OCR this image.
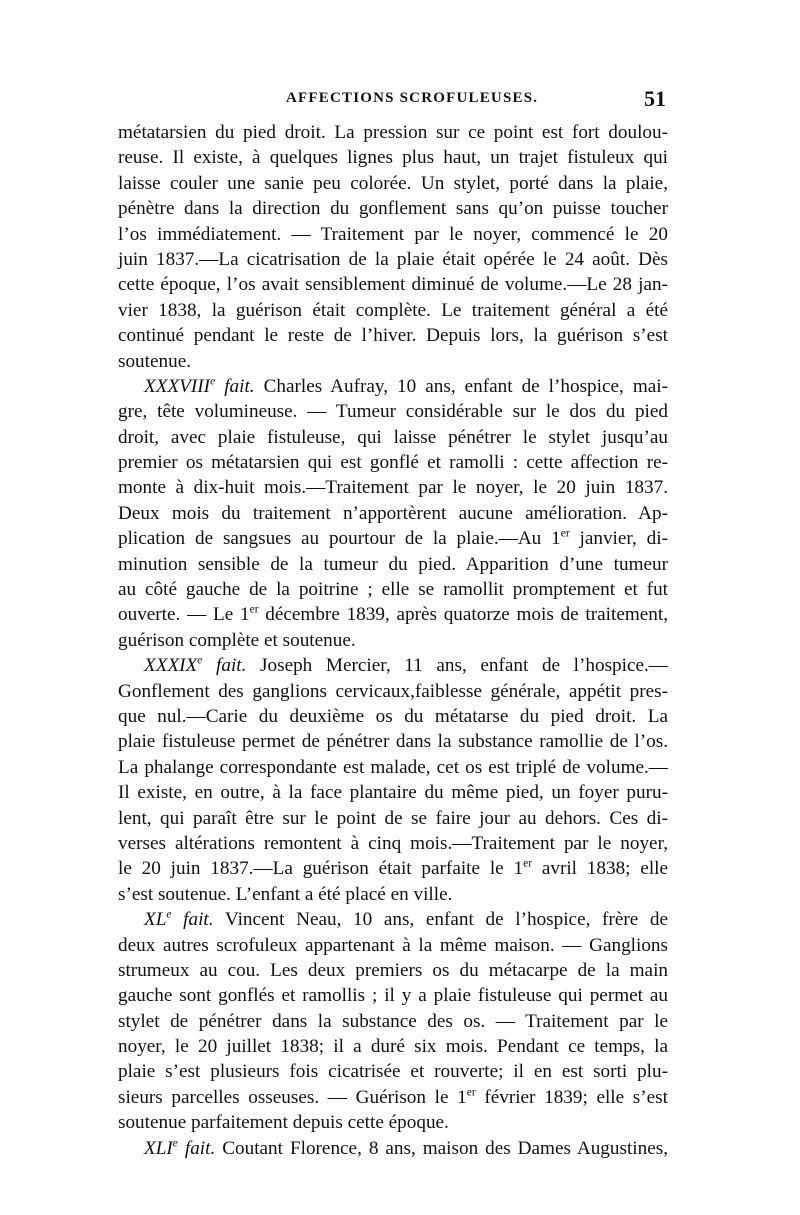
AFFECTIONS SCROFULEUSES.	51
métatarsien du pied droit. La pression sur ce point est fort doulou-
reuse. Il existe, à quelques lignes plus haut, un trajet fistuleux qui
laisse couler une sanie peu colorée. Un stylet, porté dans la plaie,
pénètre dans la direction du gonflement sans qu’on puisse toucher
l’os immédiatement. — Traitement par le noyer, commencé le 20
juin 1837.—La cicatrisation de la plaie était opérée le 24 août. Dès
cette époque, l’os avait sensiblement diminué de volume.—Le 28 jan-
vier 1838, la guérison était complète. Le traitement général a été
continué pendant le reste de l’hiver. Depuis lors, la guérison s’est
soutenue.
XXXVIIIe fait. Charles Aufray, 10 ans, enfant de l’hospice, mai-
gre, tête volumineuse. — Tumeur considérable sur le dos du pied
droit, avec plaie fistuleuse, qui laisse pénétrer le stylet jusqu’au
premier os métatarsien qui est gonflé et ramolli : cette affection re-
monte à dix-huit mois.—Traitement par le noyer, le 20 juin 1837.
Deux mois du traitement n’apportèrent aucune amélioration. Ap-
plication de sangsues au pourtour de la plaie.—Au 1er janvier, di-
minution sensible de la tumeur du pied. Apparition d’une tumeur
au côté gauche de la poitrine ; elle se ramollit promptement et fut
ouverte. — Le 1er décembre 1839, après quatorze mois de traitement,
guérison complète et soutenue.
XXXIXe fait. Joseph Mercier, 11 ans, enfant de l’hospice.—
Gonflement des ganglions cervicaux,faiblesse générale, appétit pres-
que nul.—Carie du deuxième os du métatarse du pied droit. La
plaie fistuleuse permet de pénétrer dans la substance ramollie de l’os.
La phalange correspondante est malade, cet os est triplé de volume.—
Il existe, en outre, à la face plantaire du même pied, un foyer puru-
lent, qui paraît être sur le point de se faire jour au dehors. Ces di-
verses altérations remontent à cinq mois.—Traitement par le noyer,
le 20 juin 1837.—La guérison était parfaite le 1er avril 1838; elle
s’est soutenue. L’enfant a été placé en ville.
XLe fait. Vincent Neau, 10 ans, enfant de l’hospice, frère de
deux autres scrofuleux appartenant à la même maison. — Ganglions
strumeux au cou. Les deux premiers os du métacarpe de la main
gauche sont gonflés et ramollis ; il y a plaie fistuleuse qui permet au
stylet de pénétrer dans la substance des os. — Traitement par le
noyer, le 20 juillet 1838; il a duré six mois. Pendant ce temps, la
plaie s’est plusieurs fois cicatrisée et rouverte; il en est sorti plu-
sieurs parcelles osseuses. — Guérison le 1er février 1839; elle s’est
soutenue parfaitement depuis cette époque.
XLIe fait. Coutant Florence, 8 ans, maison des Dames Augustines,
